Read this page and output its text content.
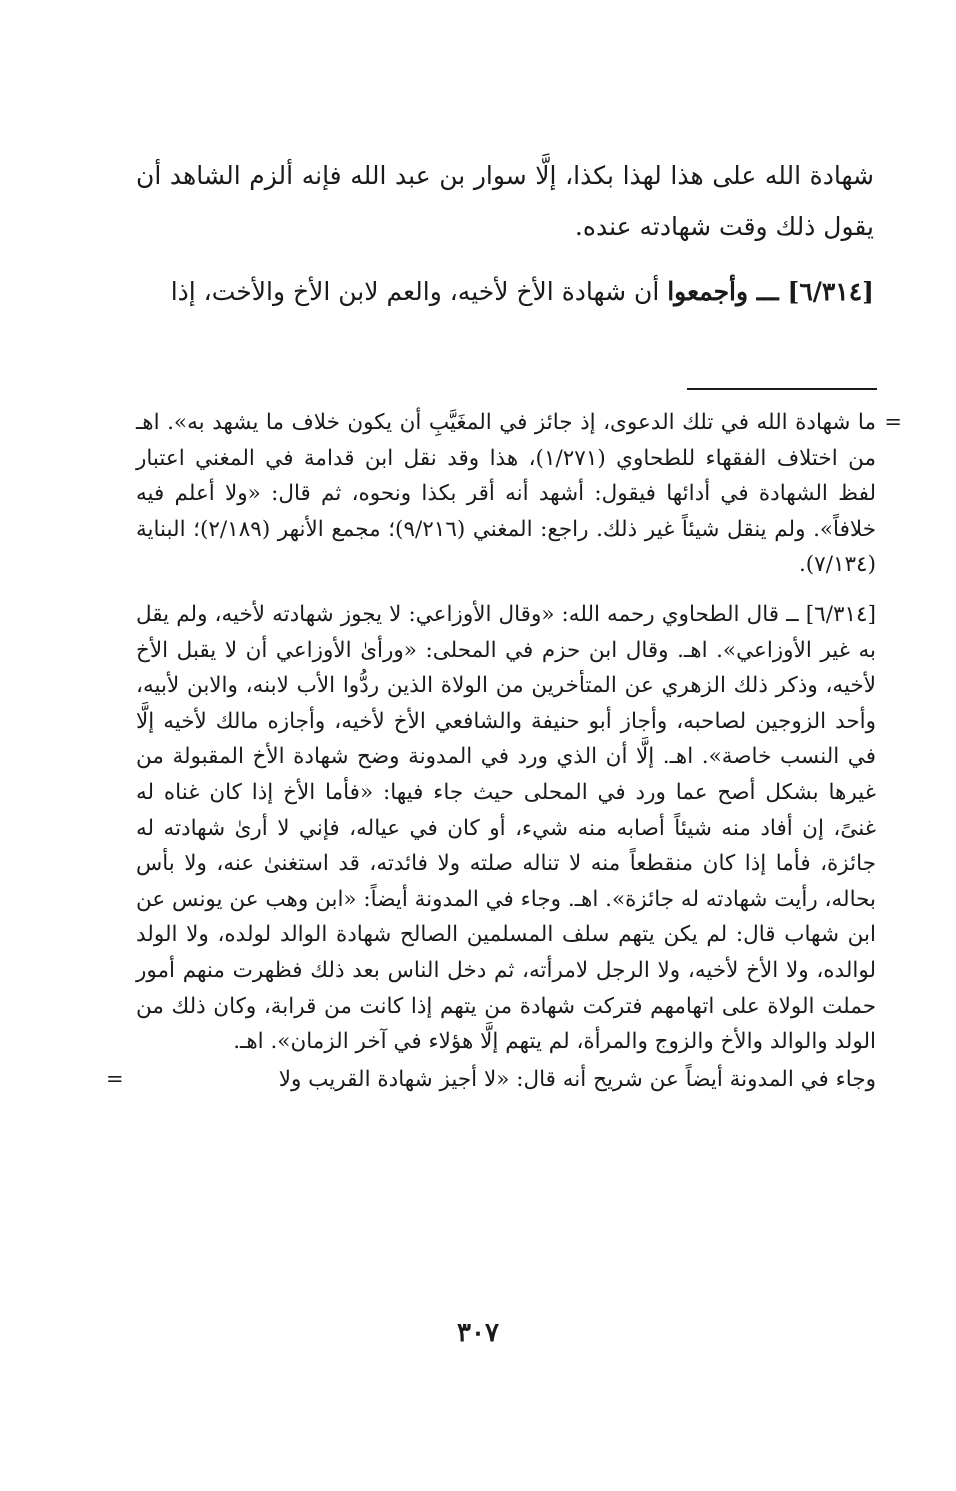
شهادة الله على هذا لهذا بكذا، إلَّا سوار بن عبد الله فإنه ألزم الشاهد أن يقول ذلك وقت شهادته عنده.

[٦/٣١٤] ـــ وأجمعوا أن شهادة الأخ لأخيه، والعم لابن الأخ والأخت، إذا

=
ما شهادة الله في تلك الدعوى، إذ جائز في المغَيَّبِ أن يكون خلاف ما يشهد به». اهـ من اختلاف الفقهاء للطحاوي (١/٢٧١)، هذا وقد نقل ابن قدامة في المغني اعتبار لفظ الشهادة في أدائها فيقول: أشهد أنه أقر بكذا ونحوه، ثم قال: «ولا أعلم فيه خلافاً». ولم ينقل شيئاً غير ذلك. راجع: المغني (٩/٢١٦)؛ مجمع الأنهر (٢/١٨٩)؛ البناية (٧/١٣٤).

[٦/٣١٤] ــ قال الطحاوي رحمه الله: «وقال الأوزاعي: لا يجوز شهادته لأخيه، ولم يقل به غير الأوزاعي». اهـ. وقال ابن حزم في المحلى: «ورأىٰ الأوزاعي أن لا يقبل الأخ لأخيه، وذكر ذلك الزهري عن المتأخرين من الولاة الذين ردُّوا الأب لابنه، والابن لأبيه، وأحد الزوجين لصاحبه، وأجاز أبو حنيفة والشافعي الأخ لأخيه، وأجازه مالك لأخيه إلَّا في النسب خاصة». اهـ. إلَّا أن الذي ورد في المدونة وضح شهادة الأخ المقبولة من غيرها بشكل أصح عما ورد في المحلى حيث جاء فيها: «فأما الأخ إذا كان غناه له غنىً، إن أفاد منه شيئاً أصابه منه شيء، أو كان في عياله، فإني لا أرىٰ شهادته له جائزة، فأما إذا كان منقطعاً منه لا تناله صلته ولا فائدته، قد استغنىٰ عنه، ولا بأس بحاله، رأيت شهادته له جائزة». اهـ. وجاء في المدونة أيضاً: «ابن وهب عن يونس عن ابن شهاب قال: لم يكن يتهم سلف المسلمين الصالح شهادة الوالد لولده، ولا الولد لوالده، ولا الأخ لأخيه، ولا الرجل لامرأته، ثم دخل الناس بعد ذلك فظهرت منهم أمور حملت الولاة على اتهامهم فتركت شهادة من يتهم إذا كانت من قرابة، وكان ذلك من الولد والوالد والأخ والزوج والمرأة، لم يتهم إلَّا هؤلاء في آخر الزمان». اهـ.

وجاء في المدونة أيضاً عن شريح أنه قال: «لا أجيز شهادة القريب ولا
=

٣٠٧
